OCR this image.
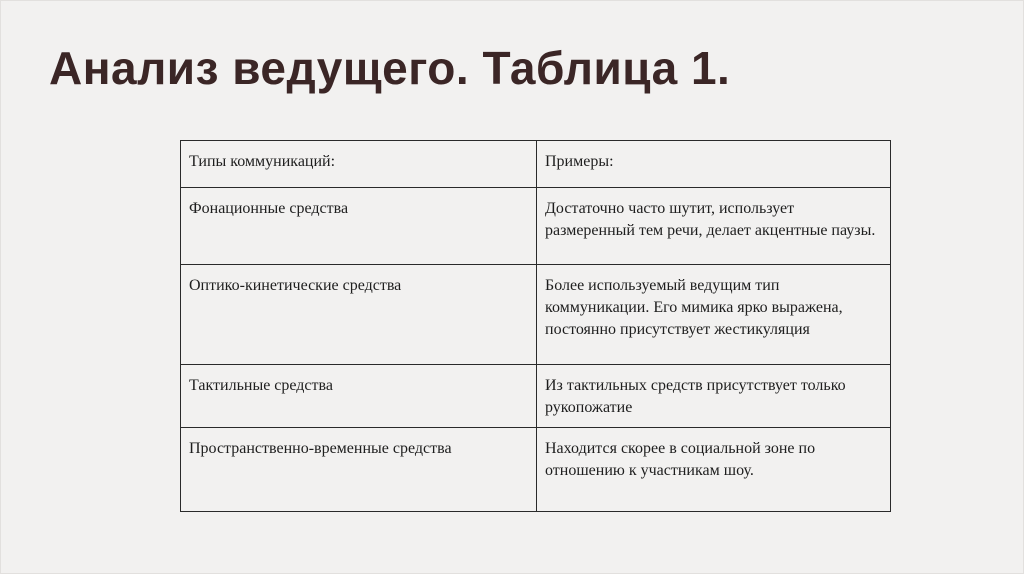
Анализ ведущего. Таблица 1.
Типы коммуникаций:	Примеры:
Фонационные средства	Достаточно часто шутит, использует размеренный тем речи, делает акцентные паузы.
Оптико-кинетические средства	Более используемый ведущим тип коммуникации. Его мимика ярко выражена, постоянно присутствует жестикуляция
Тактильные средства	Из тактильных средств присутствует только рукопожатие
Пространственно-временные средства	Находится скорее в социальной зоне по отношению к участникам шоу.
